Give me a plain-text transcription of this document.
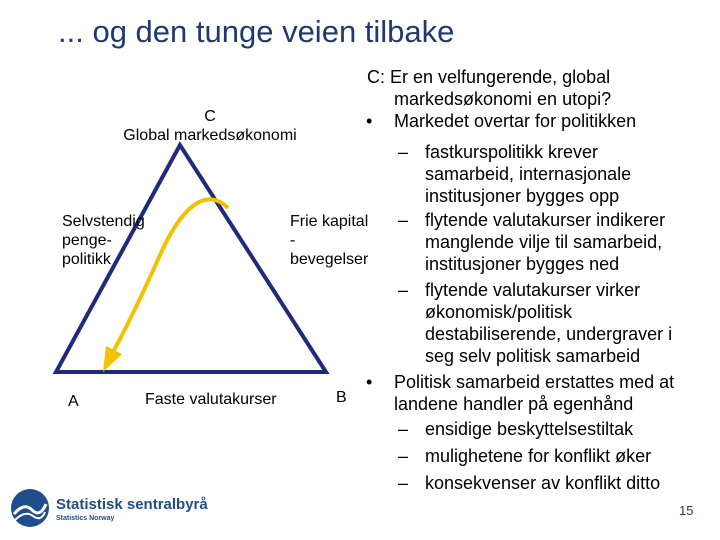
... og den tunge veien tilbake
C
Global markedsøkonomi
Selvstendig
penge-
politikk
Frie kapital
-
bevegelser
A	Faste valutakurser	B
C: Er en velfungerende, global
markedsøkonomi en utopi?
• Markedet overtar for politikken
– fastkurspolitikk krever
samarbeid, internasjonale
institusjoner bygges opp
– flytende valutakurser indikerer
manglende vilje til samarbeid,
institusjoner bygges ned
– flytende valutakurser virker
økonomisk/politisk
destabiliserende, undergraver i
seg selv politisk samarbeid
• Politisk samarbeid erstattes med at
landene handler på egenhånd
– ensidige beskyttelsestiltak
– mulighetene for konflikt øker
– konsekvenser av konflikt ditto
Statistisk sentralbyrå
Statistics Norway
15
